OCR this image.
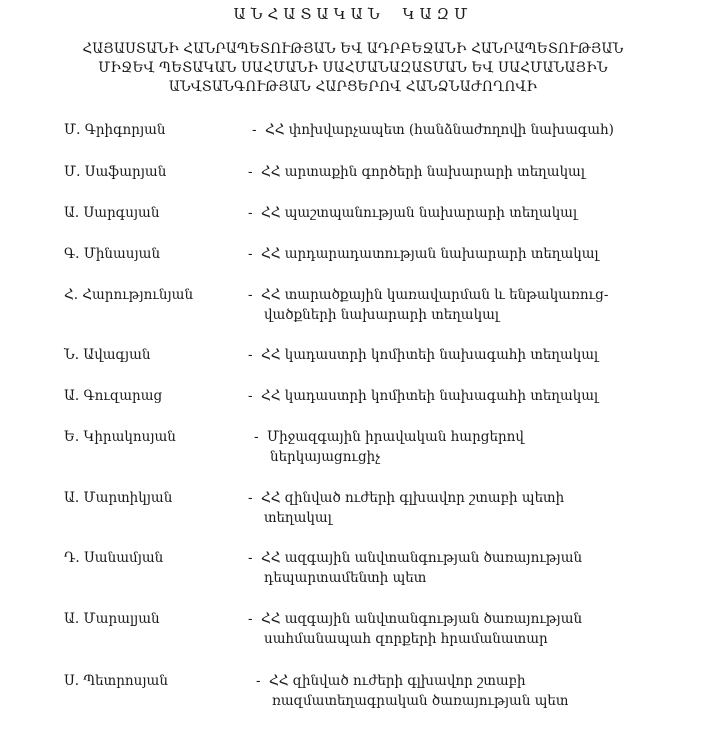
ԱՆՀԱՏԱԿԱՆ ԿԱԶՄ
ՀԱՅԱՍՏԱՆԻ ՀԱՆՐԱՊԵՏՈՒԹՅԱՆ ԵՎ ԱԴՐԲԵՋԱՆԻ ՀԱՆՐԱՊԵՏՈՒԹՅԱՆ
ՄԻՋԵՎ ՊԵՏԱԿԱՆ ՍԱՀՄԱՆԻ ՍԱՀՄԱՆԱԶԱՏՄԱՆ ԵՎ ՍԱՀՄԱՆԱՅԻՆ
ԱՆՎՏԱՆԳՈՒԹՅԱՆ ՀԱՐՑԵՐՈՎ ՀԱՆՁՆԱԺՈՂՈՎԻ
Մ. Գրիգորյան	- ՀՀ փոխվարչապետ (հանձնաժողովի նախագահ)
Մ. Սաֆարյան	- ՀՀ արտաքին գործերի նախարարի տեղակալ
Ա. Սարգսյան	- ՀՀ պաշտպանության նախարարի տեղակալ
Գ. Մինասյան	- ՀՀ արդարադատության նախարարի տեղակալ
Հ. Հարությունյան	- ՀՀ տարածքային կառավարման և ենթակառուց-
վածքների նախարարի տեղակալ
Ն. Ավագյան	- ՀՀ կադաստրի կոմիտեի նախագահի տեղակալ
Ա. Գուզարաց	- ՀՀ կադաստրի կոմիտեի նախագահի տեղակալ
Ե. Կիրակոսյան	- Միջազգային իրավական հարցերով
ներկայացուցիչ
Ա. Մարտիկյան	- ՀՀ զինված ուժերի գլխավոր շտաբի պետի
տեղակալ
Դ. Սանամյան	- ՀՀ ազգային անվտանգության ծառայության
դեպարտամենտի պետ
Ա. Մարալյան	- ՀՀ ազգային անվտանգության ծառայության
սահմանապահ զորքերի հրամանատար
Ս. Պետրոսյան	- ՀՀ զինված ուժերի գլխավոր շտաբի
ռազմատեղագրական ծառայության պետ
